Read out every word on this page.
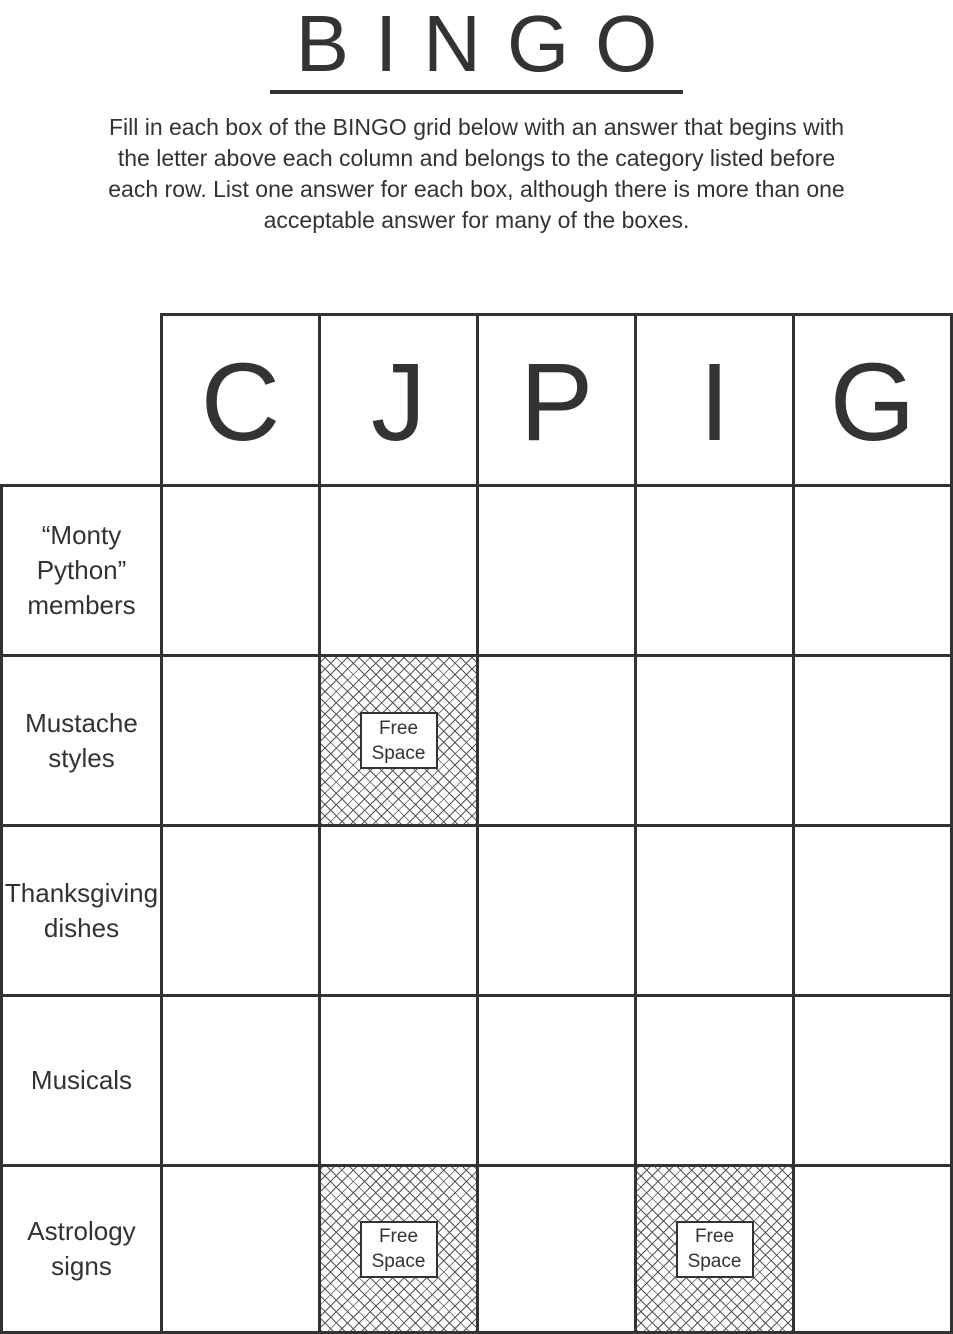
BINGO

Fill in each box of the BINGO grid below with an answer that begins with the letter above each column and belongs to the category listed before each row. List one answer for each box, although there is more than one acceptable answer for many of the boxes.

C J P I G
“Monty Python” members
Mustache styles
Thanksgiving dishes
Musicals
Astrology signs
Free
Space
Free
Space
Free
Space
